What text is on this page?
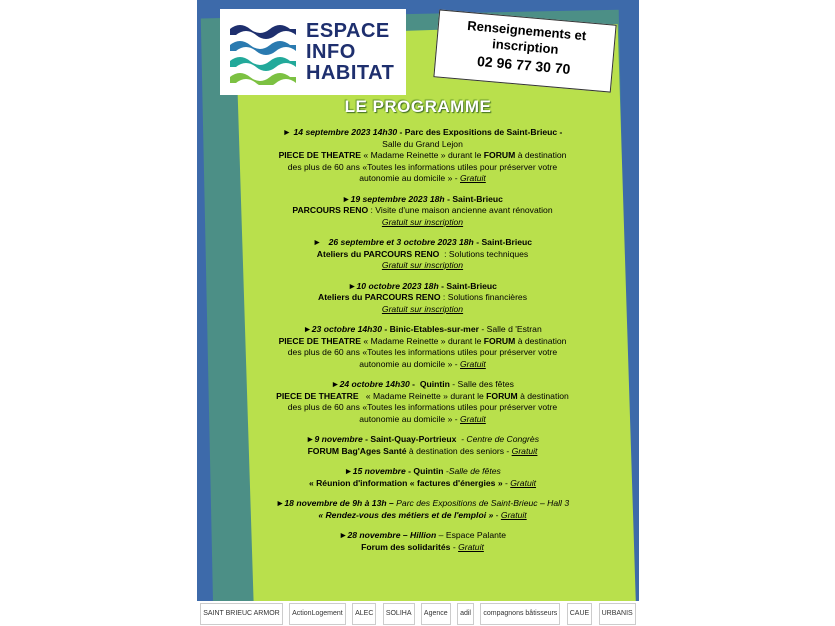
ESPACE
INFO
HABITAT
Renseignements et inscription
02 96 77 30 70
LE PROGRAMME
► 14 septembre 2023 14h30 - Parc des Expositions de Saint-Brieuc -
Salle du Grand Lejon
PIECE DE THEATRE « Madame Reinette » durant le FORUM à destination
des plus de 60 ans «Toutes les informations utiles pour préserver votre
autonomie au domicile » - Gratuit
►19 septembre 2023 18h - Saint-Brieuc
PARCOURS RENO : Visite d'une maison ancienne avant rénovation
Gratuit sur inscription
►   26 septembre et 3 octobre 2023 18h - Saint-Brieuc
Ateliers du PARCOURS RENO  : Solutions techniques
Gratuit sur inscription
►10 octobre 2023 18h - Saint-Brieuc
Ateliers du PARCOURS RENO : Solutions financières
Gratuit sur inscription
►23 octobre 14h30 - Binic-Etables-sur-mer - Salle d 'Estran
PIECE DE THEATRE « Madame Reinette » durant le FORUM à destination
des plus de 60 ans «Toutes les informations utiles pour préserver votre
autonomie au domicile » - Gratuit
►24 octobre 14h30 -  Quintin - Salle des fêtes
PIECE DE THEATRE   « Madame Reinette » durant le FORUM à destination
des plus de 60 ans «Toutes les informations utiles pour préserver votre
autonomie au domicile » - Gratuit
►9 novembre - Saint-Quay-Portrieux  - Centre de Congrès
FORUM Bag'Ages Santé à destination des seniors - Gratuit
►15 novembre - Quintin -Salle de fêtes
« Réunion d'information « factures d'énergies » - Gratuit
►18 novembre de 9h à 13h – Parc des Expositions de Saint-Brieuc – Hall 3
« Rendez-vous des métiers et de l'emploi » - Gratuit
►28 novembre – Hillion – Espace Palante
Forum des solidarités - Gratuit
SAINT BRIEUC ARMOR	ActionLogement	ALEC	SOLIHA	Agence	adil	compagnons bâtisseurs	CAUE	URBANIS
